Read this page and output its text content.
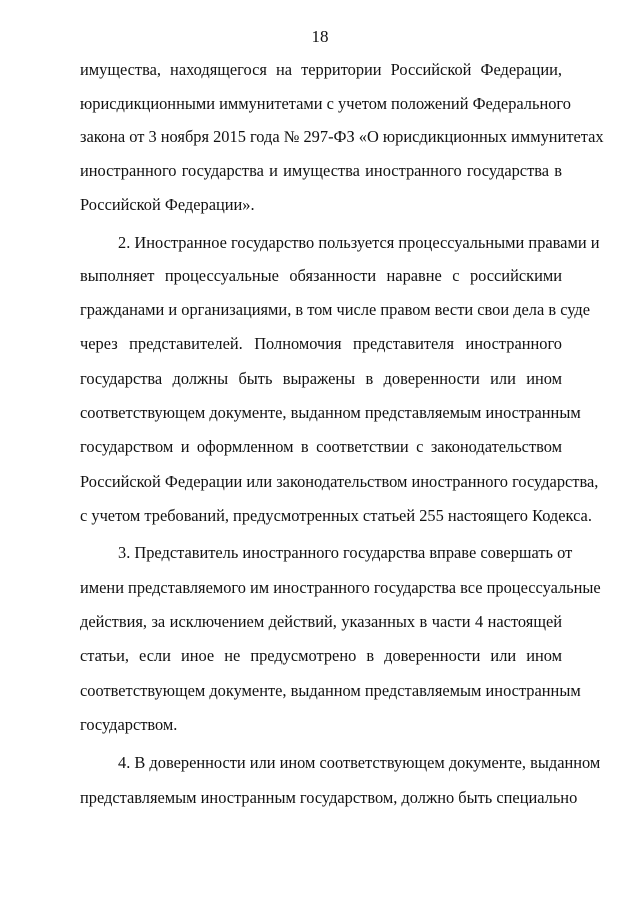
18
имущества, находящегося на территории Российской Федерации,
юрисдикционными иммунитетами с учетом положений Федерального
закона от 3 ноября 2015 года № 297-ФЗ «О юрисдикционных иммунитетах
иностранного государства и имущества иностранного государства в
Российской Федерации».
2. Иностранное государство пользуется процессуальными правами и
выполняет процессуальные обязанности наравне с российскими
гражданами и организациями, в том числе правом вести свои дела в суде
через представителей. Полномочия представителя иностранного
государства должны быть выражены в доверенности или ином
соответствующем документе, выданном представляемым иностранным
государством и оформленном в соответствии с законодательством
Российской Федерации или законодательством иностранного государства,
с учетом требований, предусмотренных статьей 255 настоящего Кодекса.
3. Представитель иностранного государства вправе совершать от
имени представляемого им иностранного государства все процессуальные
действия, за исключением действий, указанных в части 4 настоящей
статьи, если иное не предусмотрено в доверенности или ином
соответствующем документе, выданном представляемым иностранным
государством.
4. В доверенности или ином соответствующем документе, выданном
представляемым иностранным государством, должно быть специально
